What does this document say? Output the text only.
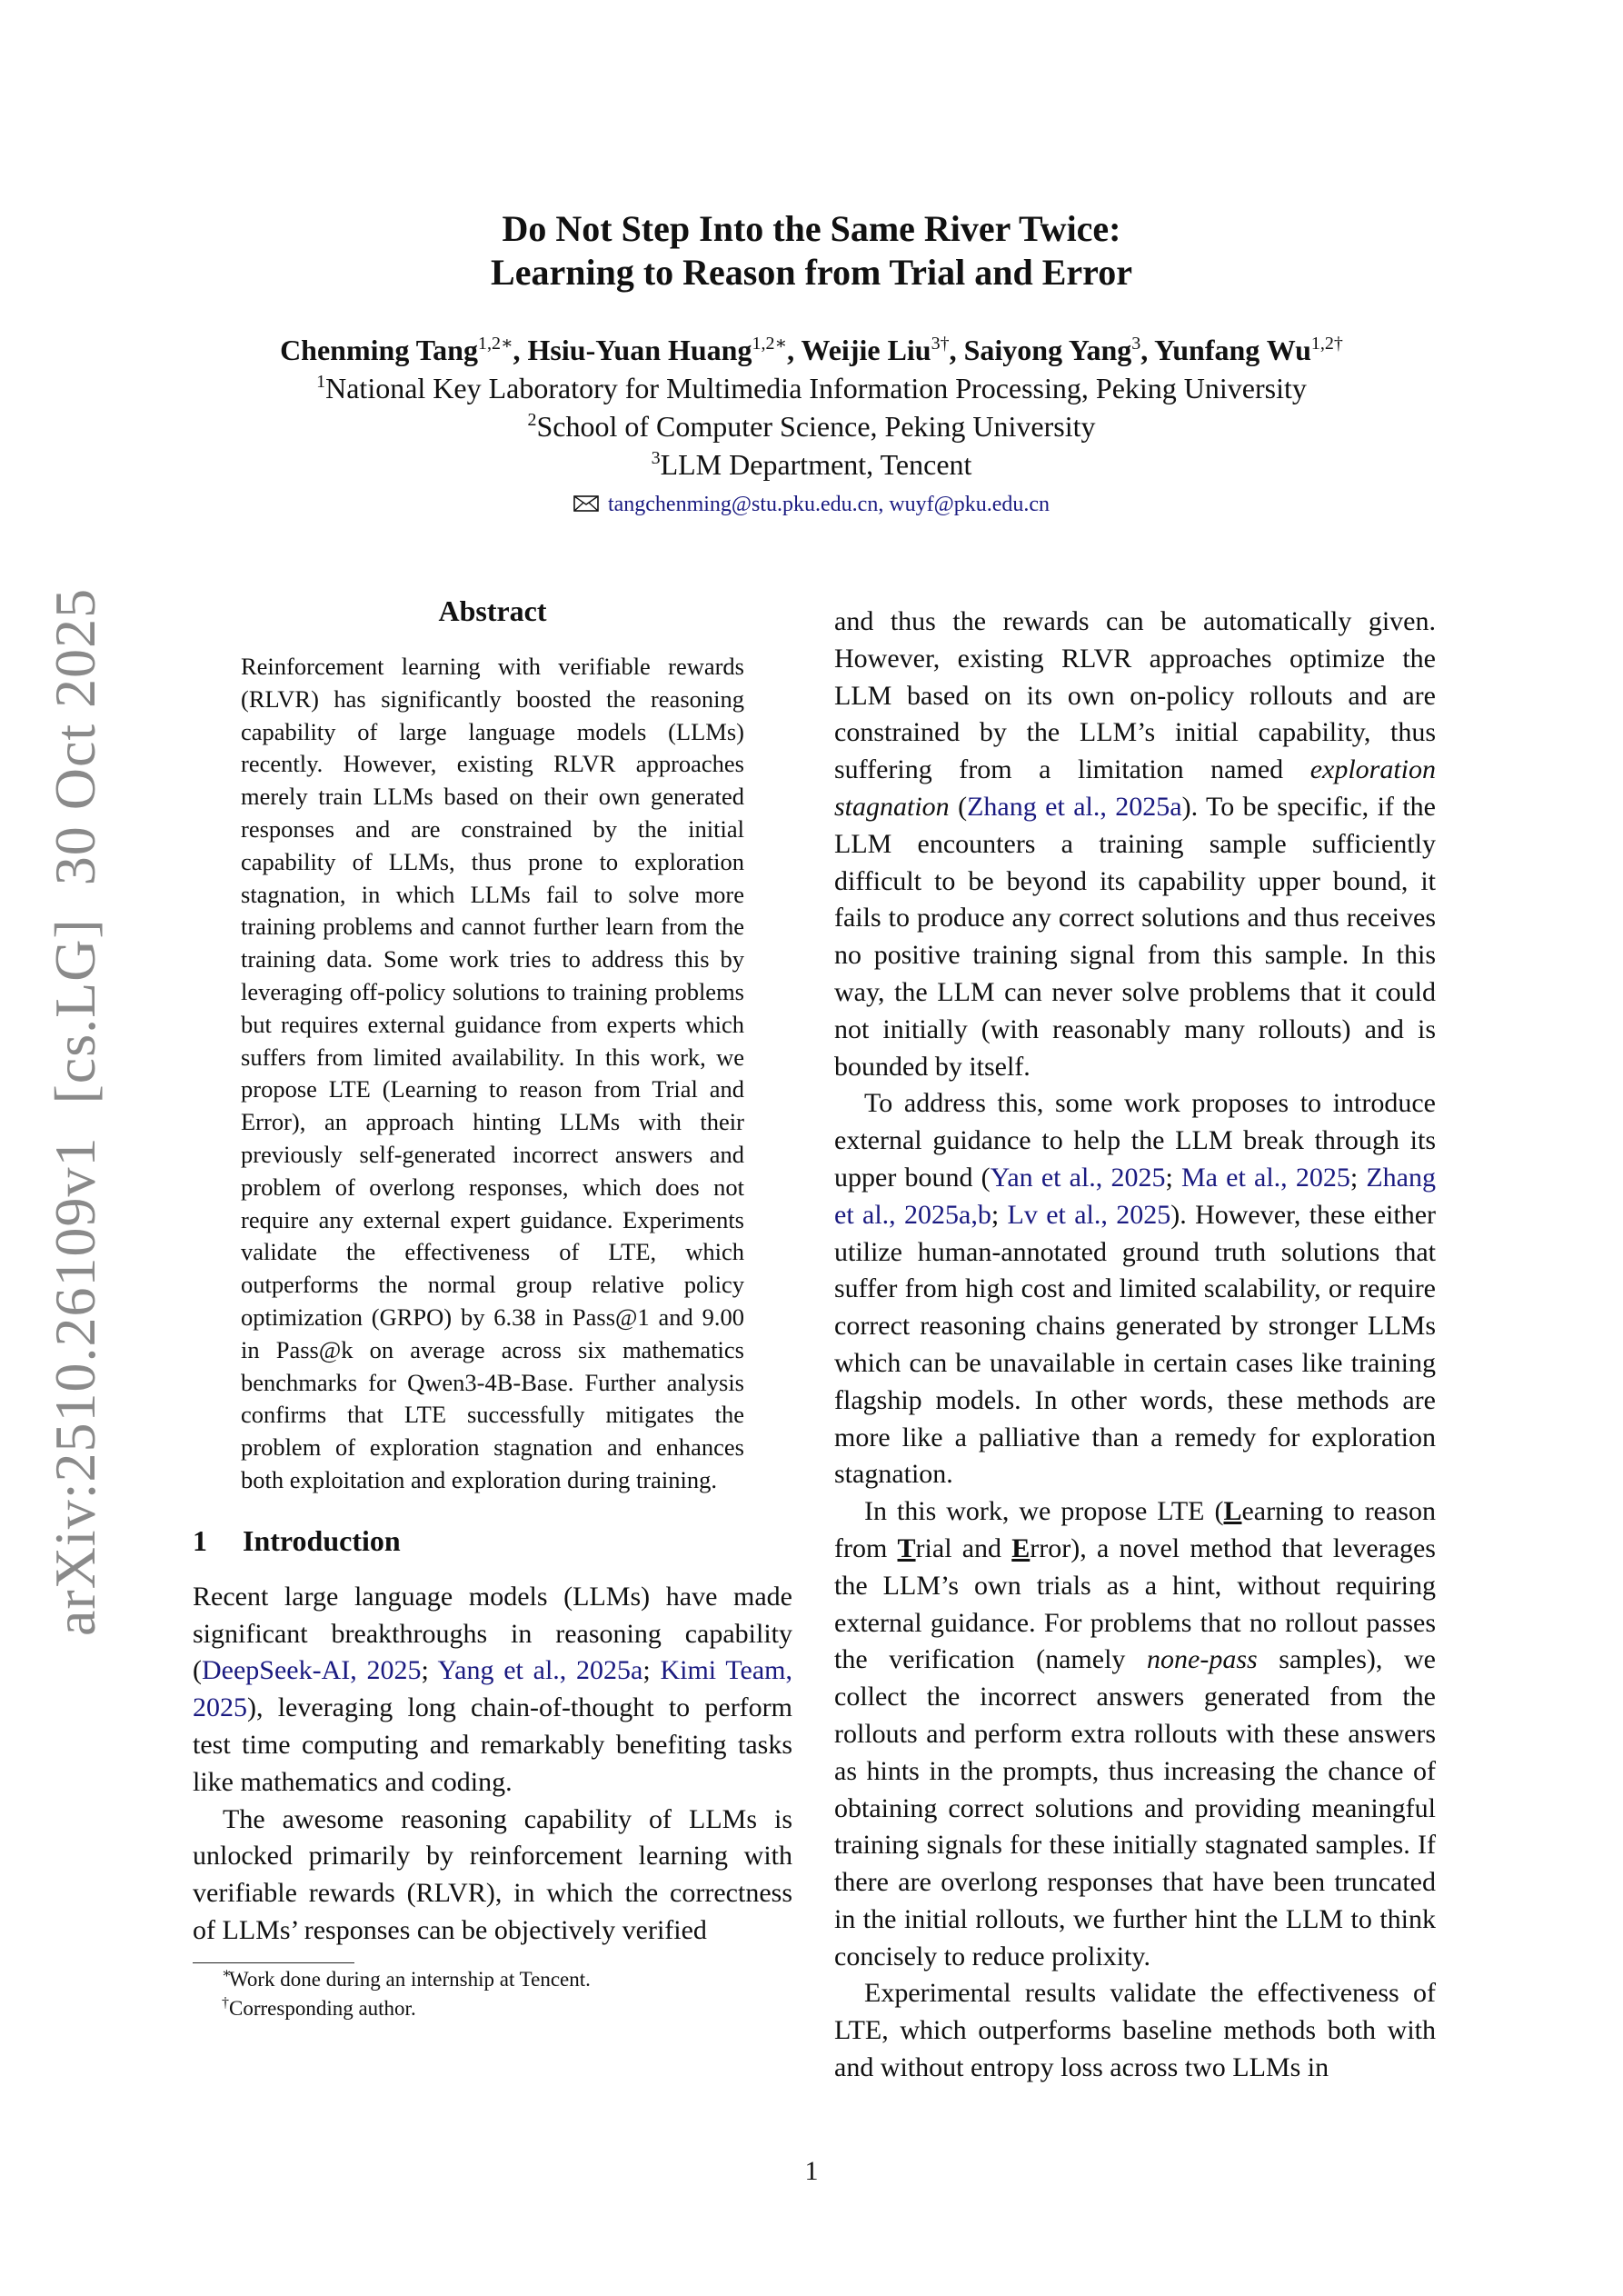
arXiv:2510.26109v1[cs.LG]30 Oct 2025
Do Not Step Into the Same River Twice:
Learning to Reason from Trial and Error
Chenming Tang$^{1,2∗}$, Hsiu-Yuan Huang$^{1,2∗}$, Weijie Liu$^{3\dagger}$, Saiyong Yang$^3$, Yunfang $Wu^{1,2\dagger}$
$^1$National Key Laboratory for Multimedia Information Processing, Peking University
$^2$School of Computer Science, Peking University
$^3$LLM Department, Tencent
tangchenming@stu.pku.edu.cn, wuyf@pku.edu.cn
Abstract

Reinforcement learning with verifiable rewards (RLVR) has significantly boosted the reasoning capability of large language models (LLMs) recently. However, existing RLVR approaches merely train LLMs based on their own generated responses and are constrained by the initial capability of LLMs, thus prone to exploration stagnation, in which LLMs fail to solve more training problems and cannot further learn from the training data. Some work tries to address this by leveraging off-policy solutions to training problems but requires external guidance from experts which suffers from limited availability. In this work, we propose LTE (Learning to reason from Trial and Error), an approach hinting LLMs with their previously self-generated incorrect answers and problem of overlong responses, which does not require any external expert guidance. Experiments validate the effectiveness of LTE, which outperforms the normal group relative policy optimization (GRPO) by 6.38 in Pass@1 and 9.00 in Pass@k on average across six mathematics benchmarks for Qwen3-4B-Base. Further analysis confirms that LTE successfully mitigates the problem of exploration stagnation and enhances both exploitation and exploration during training.

1 Introduction

Recent large language models (LLMs) have made significant breakthroughs in reasoning capability (DeepSeek-AI, 2025; Yang et al., 2025a; Kimi Team, 2025), leveraging long chain-of-thought to perform test time computing and remarkably benefiting tasks like mathematics and coding.

The awesome reasoning capability of LLMs is unlocked primarily by reinforcement learning with verifiable rewards (RLVR), in which the correctness of LLMs’ responses can be objectively verified

∗
Work done during an internship at Tencent.
† Corresponding author.

and thus the rewards can be automatically given. However, existing RLVR approaches optimize the LLM based on its own on-policy rollouts and are constrained by the LLM’s initial capability, thus suffering from a limitation named exploration stagnation (Zhang et al., 2025a). To be specific, if the LLM encounters a training sample sufficiently difficult to be beyond its capability upper bound, it fails to produce any correct solutions and thus receives no positive training signal from this sample. In this way, the LLM can never solve problems that it could not initially (with reasonably many rollouts) and is bounded by itself.

To address this, some work proposes to introduce external guidance to help the LLM break through its upper bound (Yan et al., 2025; Ma et al., 2025; Zhang et al., 2025a,b; Lv et al., 2025). However, these either utilize human-annotated ground truth solutions that suffer from high cost and limited scalability, or require correct reasoning chains generated by stronger LLMs which can be unavailable in certain cases like training flagship models. In other words, these methods are more like a palliative than a remedy for exploration stagnation.

In this work, we propose LTE (Learning to reason from Trial and Error), a novel method that leverages the LLM’s own trials as a hint, without requiring external guidance. For problems that no rollout passes the verification (namely none-pass samples), we collect the incorrect answers generated from the rollouts and perform extra rollouts with these answers as hints in the prompts, thus increasing the chance of obtaining correct solutions and providing meaningful training signals for these initially stagnated samples. If there are overlong responses that have been truncated in the initial rollouts, we further hint the LLM to think concisely to reduce prolixity.

Experimental results validate the effectiveness of LTE, which outperforms baseline methods both with and without entropy loss across two LLMs in

1
